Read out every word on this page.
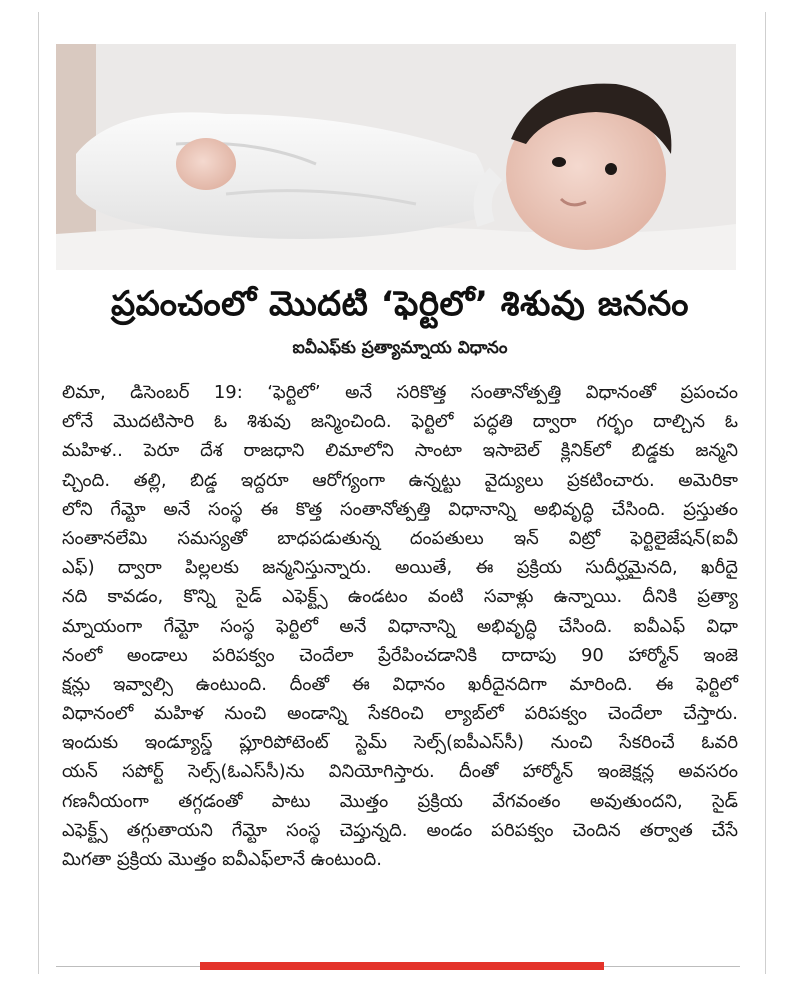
ప్రపంచంలో మొదటి ‘ఫెర్టిలో’ శిశువు జననం
ఐవీఎఫ్‌కు ప్రత్యామ్నాయ విధానం
లిమా, డిసెంబర్ 19: ‘ఫెర్టిలో’ అనే సరికొత్త సంతానోత్పత్తి విధానంతో ప్రపంచం
లోనే మొదటిసారి ఓ శిశువు జన్మించింది. ఫెర్టిలో పద్ధతి ద్వారా గర్భం దాల్చిన ఓ
మహిళ.. పెరూ దేశ రాజధాని లిమాలోని సాంటా ఇసాబెల్ క్లినిక్‌లో బిడ్డకు జన్మని
చ్చింది. తల్లి, బిడ్డ ఇద్దరూ ఆరోగ్యంగా ఉన్నట్టు వైద్యులు ప్రకటించారు. అమెరికా
లోని గేమ్టో అనే సంస్థ ఈ కొత్త సంతానోత్పత్తి విధానాన్ని అభివృద్ధి చేసింది. ప్రస్తుతం
సంతానలేమి సమస్యతో బాధపడుతున్న దంపతులు ఇన్ విట్రో ఫెర్టిలైజేషన్(ఐవీ
ఎఫ్) ద్వారా పిల్లలకు జన్మనిస్తున్నారు. అయితే, ఈ ప్రక్రియ సుదీర్ఘమైనది, ఖరీదై
నది కావడం, కొన్ని సైడ్ ఎఫెక్ట్స్ ఉండటం వంటి సవాళ్లు ఉన్నాయి. దీనికి ప్రత్యా
మ్నాయంగా గేమ్టో సంస్థ ఫెర్టిలో అనే విధానాన్ని అభివృద్ధి చేసింది. ఐవీఎఫ్ విధా
నంలో అండాలు పరిపక్వం చెందేలా ప్రేరేపించడానికి దాదాపు 90 హార్మోన్ ఇంజె
క్షన్లు ఇవ్వాల్సి ఉంటుంది. దీంతో ఈ విధానం ఖరీదైనదిగా మారింది. ఈ ఫెర్టిలో
విధానంలో మహిళ నుంచి అండాన్ని సేకరించి ల్యాబ్‌లో పరిపక్వం చెందేలా చేస్తారు.
ఇందుకు ఇండ్యూస్డ్ ప్లూరిపోటెంట్ స్టెమ్ సెల్స్(ఐపీఎస్‌సీ) నుంచి సేకరించే ఓవరి
యన్ సపోర్ట్ సెల్స్(ఓఎస్‌సీ)ను వినియోగిస్తారు. దీంతో హార్మోన్ ఇంజెక్షన్ల అవసరం
గణనీయంగా తగ్గడంతో పాటు మొత్తం ప్రక్రియ వేగవంతం అవుతుందని, సైడ్
ఎఫెక్ట్స్ తగ్గుతాయని గేమ్టో సంస్థ చెప్తున్నది. అండం పరిపక్వం చెందిన తర్వాత చేసే
మిగతా ప్రక్రియ మొత్తం ఐవీఎఫ్‌లానే ఉంటుంది.
